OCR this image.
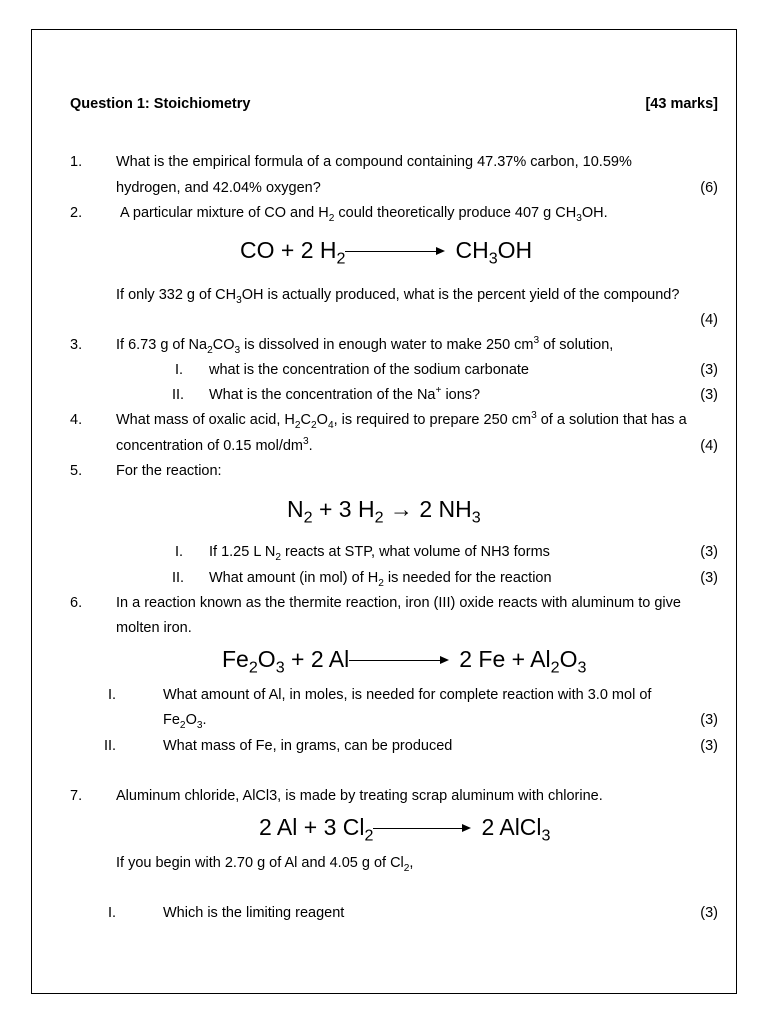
Question 1: Stoichiometry	[43 marks]
1. What is the empirical formula of a compound containing 47.37% carbon, 10.59%
hydrogen, and 42.04% oxygen?	(6)
2.	A particular mixture of CO and $H_2$ could theoretically produce 407 g $CH_3OH$.
CO + 2 $H_2$	$CH_3OH$
If only 332 g of $CH_3OH$ is actually produced, what is the percent yield of the compound?
(4)
3. If 6.73 g of $Na_2CO_3$ is dissolved in enough water to make 250 $cm^3$ of solution,
I. what is the concentration of the sodium carbonate	(3)
II. What is the concentration of the Na+ ions?	(3)
4. What mass of oxalic acid, $H_2C_2O_4$, is required to prepare 250 $cm^3$ of a solution that has a
concentration of 0.15 mol/$dm^3$.	(4)
5. For the reaction:
$N_2 + 3$ $H_2 \to 2$ $NH_3$
I. If 1.25 L $N_2$ reacts at STP, what volume of NH3 forms	(3)
II. What amount (in mol) of $H_2$ is needed for the reaction	(3)
6. In a reaction known as the thermite reaction, iron (III) oxide reacts with aluminum to give
molten iron.
$Fe_2O_3 + 2$ Al	2 $Fe + Al_2O_3$
I.	What amount of Al, in moles, is needed for complete reaction with 3.0 mol of
$Fe_2O_3$.	(3)
II.	What mass of Fe, in grams, can be produced	(3)
7. Aluminum chloride, AlCl3, is made by treating scrap aluminum with chlorine.
2 Al + 3 $Cl_2$	2 AlCl$_3$
If you begin with 2.70 g of Al and 4.05 g of $Cl_2$,
I.	Which is the limiting reagent	(3)
